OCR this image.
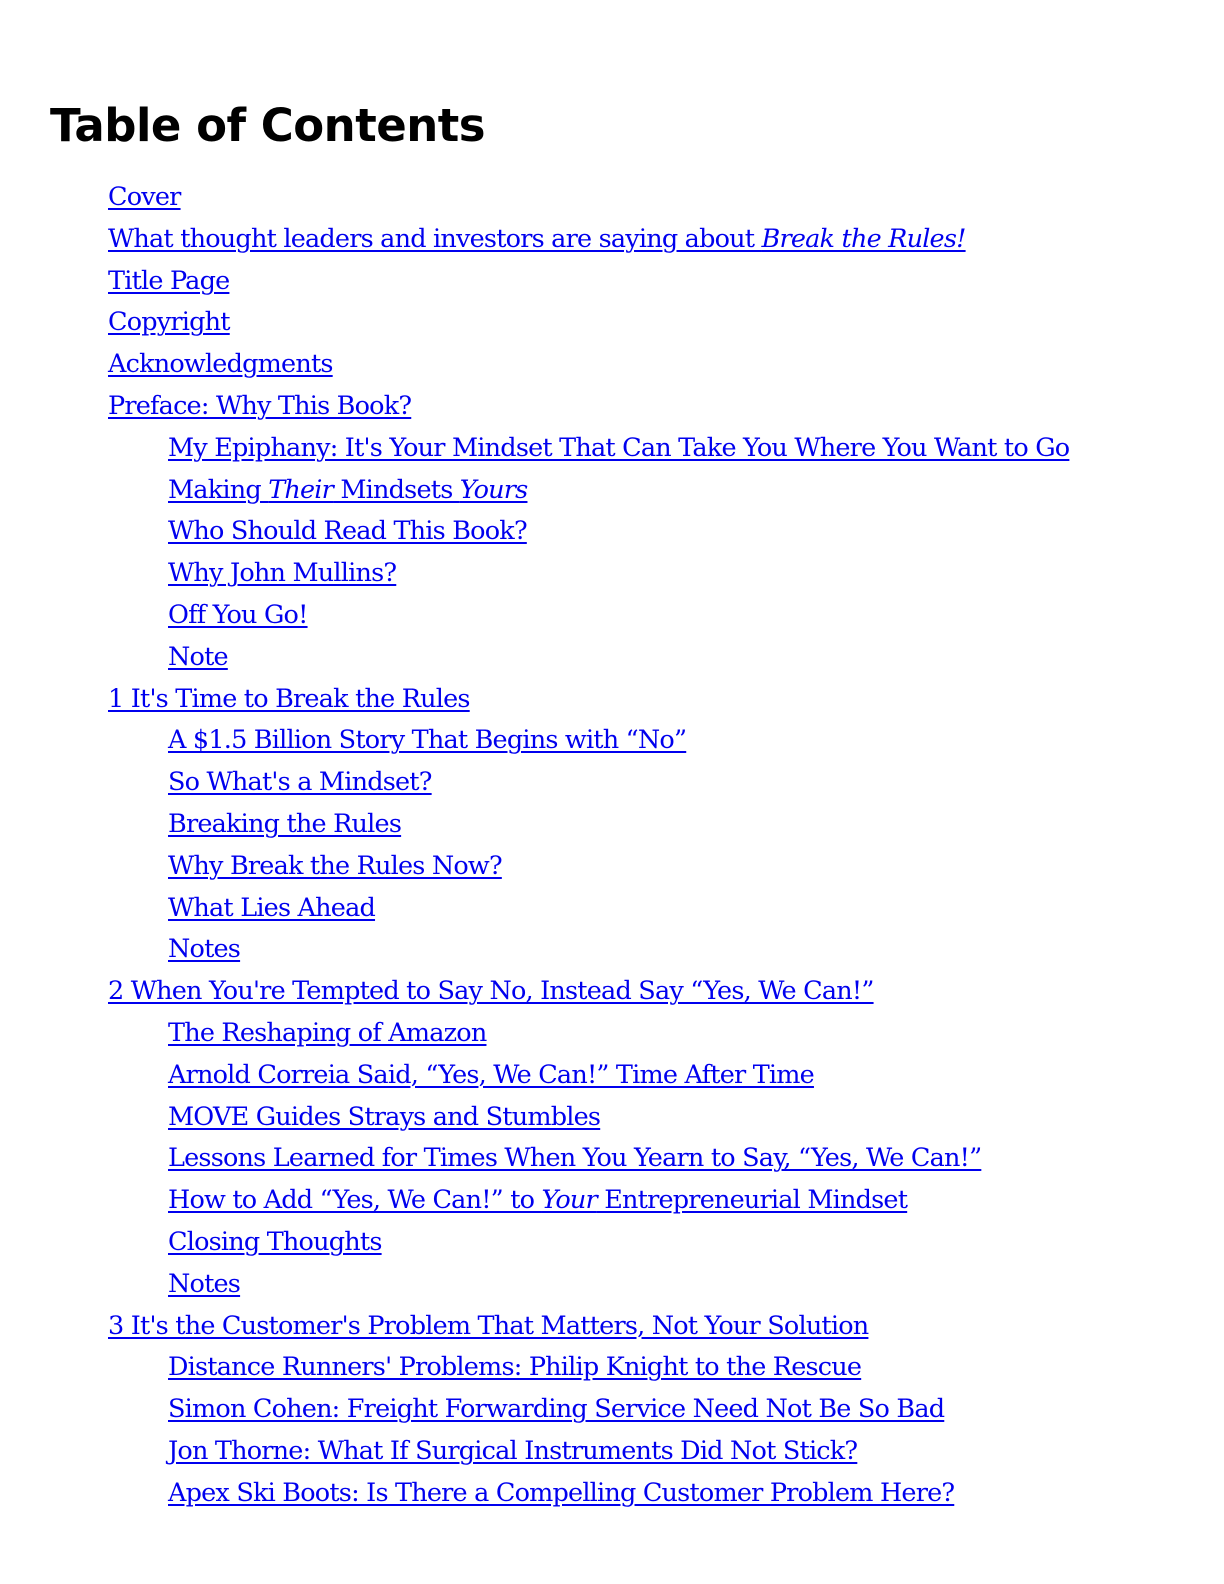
Table of Contents
Cover
What thought leaders and investors are saying about Break the Rules!
Title Page
Copyright
Acknowledgments
Preface: Why This Book?
My Epiphany: It's Your Mindset That Can Take You Where You Want to Go
Making Their Mindsets Yours
Who Should Read This Book?
Why John Mullins?
Off You Go!
Note
1 It's Time to Break the Rules
A $1.5 Billion Story That Begins with “No”
So What's a Mindset?
Breaking the Rules
Why Break the Rules Now?
What Lies Ahead
Notes
2 When You're Tempted to Say No, Instead Say “Yes, We Can!”
The Reshaping of Amazon
Arnold Correia Said, “Yes, We Can!” Time After Time
MOVE Guides Strays and Stumbles
Lessons Learned for Times When You Yearn to Say, “Yes, We Can!”
How to Add “Yes, We Can!” to Your Entrepreneurial Mindset
Closing Thoughts
Notes
3 It's the Customer's Problem That Matters, Not Your Solution
Distance Runners' Problems: Philip Knight to the Rescue
Simon Cohen: Freight Forwarding Service Need Not Be So Bad
Jon Thorne: What If Surgical Instruments Did Not Stick?
Apex Ski Boots: Is There a Compelling Customer Problem Here?
